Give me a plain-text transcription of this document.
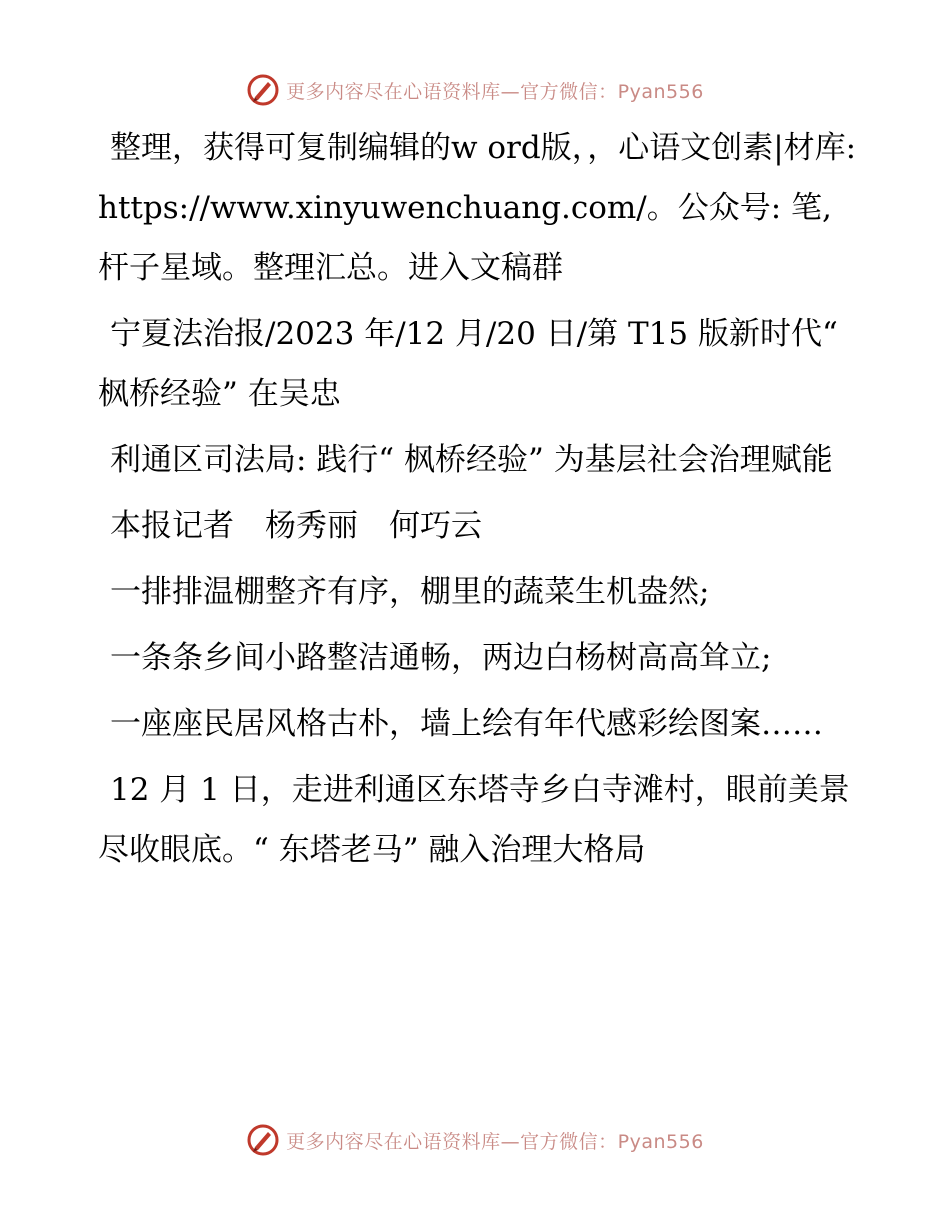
更多内容尽在心语资料库—官方微信：Pyan556

整理，获得可复制编辑的w ord版，，心语文创素|材库: https://www.xinyuwenchuang.com/。公众号: 笔,杆子星域。整理汇总。进入文稿群

宁夏法治报/2023 年/12 月/20 日/第 T15 版新时代“ 枫桥经验” 在吴忠

利通区司法局: 践行“ 枫桥经验” 为基层社会治理赋能

本报记者　杨秀丽　何巧云

一排排温棚整齐有序，棚里的蔬菜生机盎然;

一条条乡间小路整洁通畅，两边白杨树高高耸立;

一座座民居风格古朴，墙上绘有年代感彩绘图案……

12 月 1 日，走进利通区东塔寺乡白寺滩村，眼前美景尽收眼底。“ 东塔老马” 融入治理大格局

更多内容尽在心语资料库—官方微信：Pyan556
